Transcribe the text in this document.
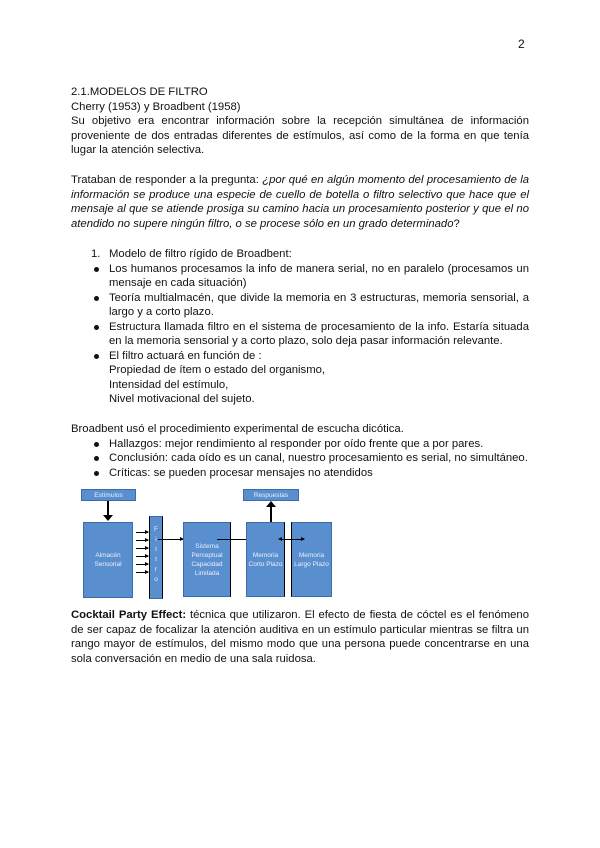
2
2.1.MODELOS DE FILTRO
Cherry (1953) y Broadbent (1958)
Su objetivo era encontrar información sobre la recepción simultánea de información proveniente de dos entradas diferentes de estímulos, así como de la forma en que tenía lugar la atención selectiva.
Trataban de responder a la pregunta: ¿por qué en algún momento del procesamiento de la información se produce una especie de cuello de botella o filtro selectivo que hace que el mensaje al que se atiende prosiga su camino hacia un procesamiento posterior y que el no atendido no supere ningún filtro, o se procese sólo en un grado determinado?
1. Modelo de filtro rígido de Broadbent:
Los humanos procesamos la info de manera serial, no en paralelo (procesamos un mensaje en cada situación)
Teoría multialmacén, que divide la memoria en 3 estructuras, memoria sensorial, a largo y a corto plazo.
Estructura llamada filtro en el sistema de procesamiento de la info. Estaría situada en la memoria sensorial y a corto plazo, solo deja pasar información relevante.
El filtro actuará en función de :
Propiedad de ítem o estado del organismo,
Intensidad del estímulo,
Nivel motivacional del sujeto.
Broadbent usó el procedimiento experimental de escucha dicótica.
Hallazgos: mejor rendimiento al responder por oído frente que a por pares.
Conclusión: cada oído es un canal, nuestro procesamiento es serial, no simultáneo.
Críticas: se pueden procesar mensajes no atendidos
Estímulos
Almacén Sensorial
F
i
l
t
r
o
Sistema Perceptual Capacidad Limitada
Memoria Corto Plazo
Memoria Largo Plazo
Respuestas
Cocktail Party Effect: técnica que utilizaron. El efecto de fiesta de cóctel es el fenómeno de ser capaz de focalizar la atención auditiva en un estímulo particular mientras se filtra un rango mayor de estímulos, del mismo modo que una persona puede concentrarse en una sola conversación en medio de una sala ruidosa.
